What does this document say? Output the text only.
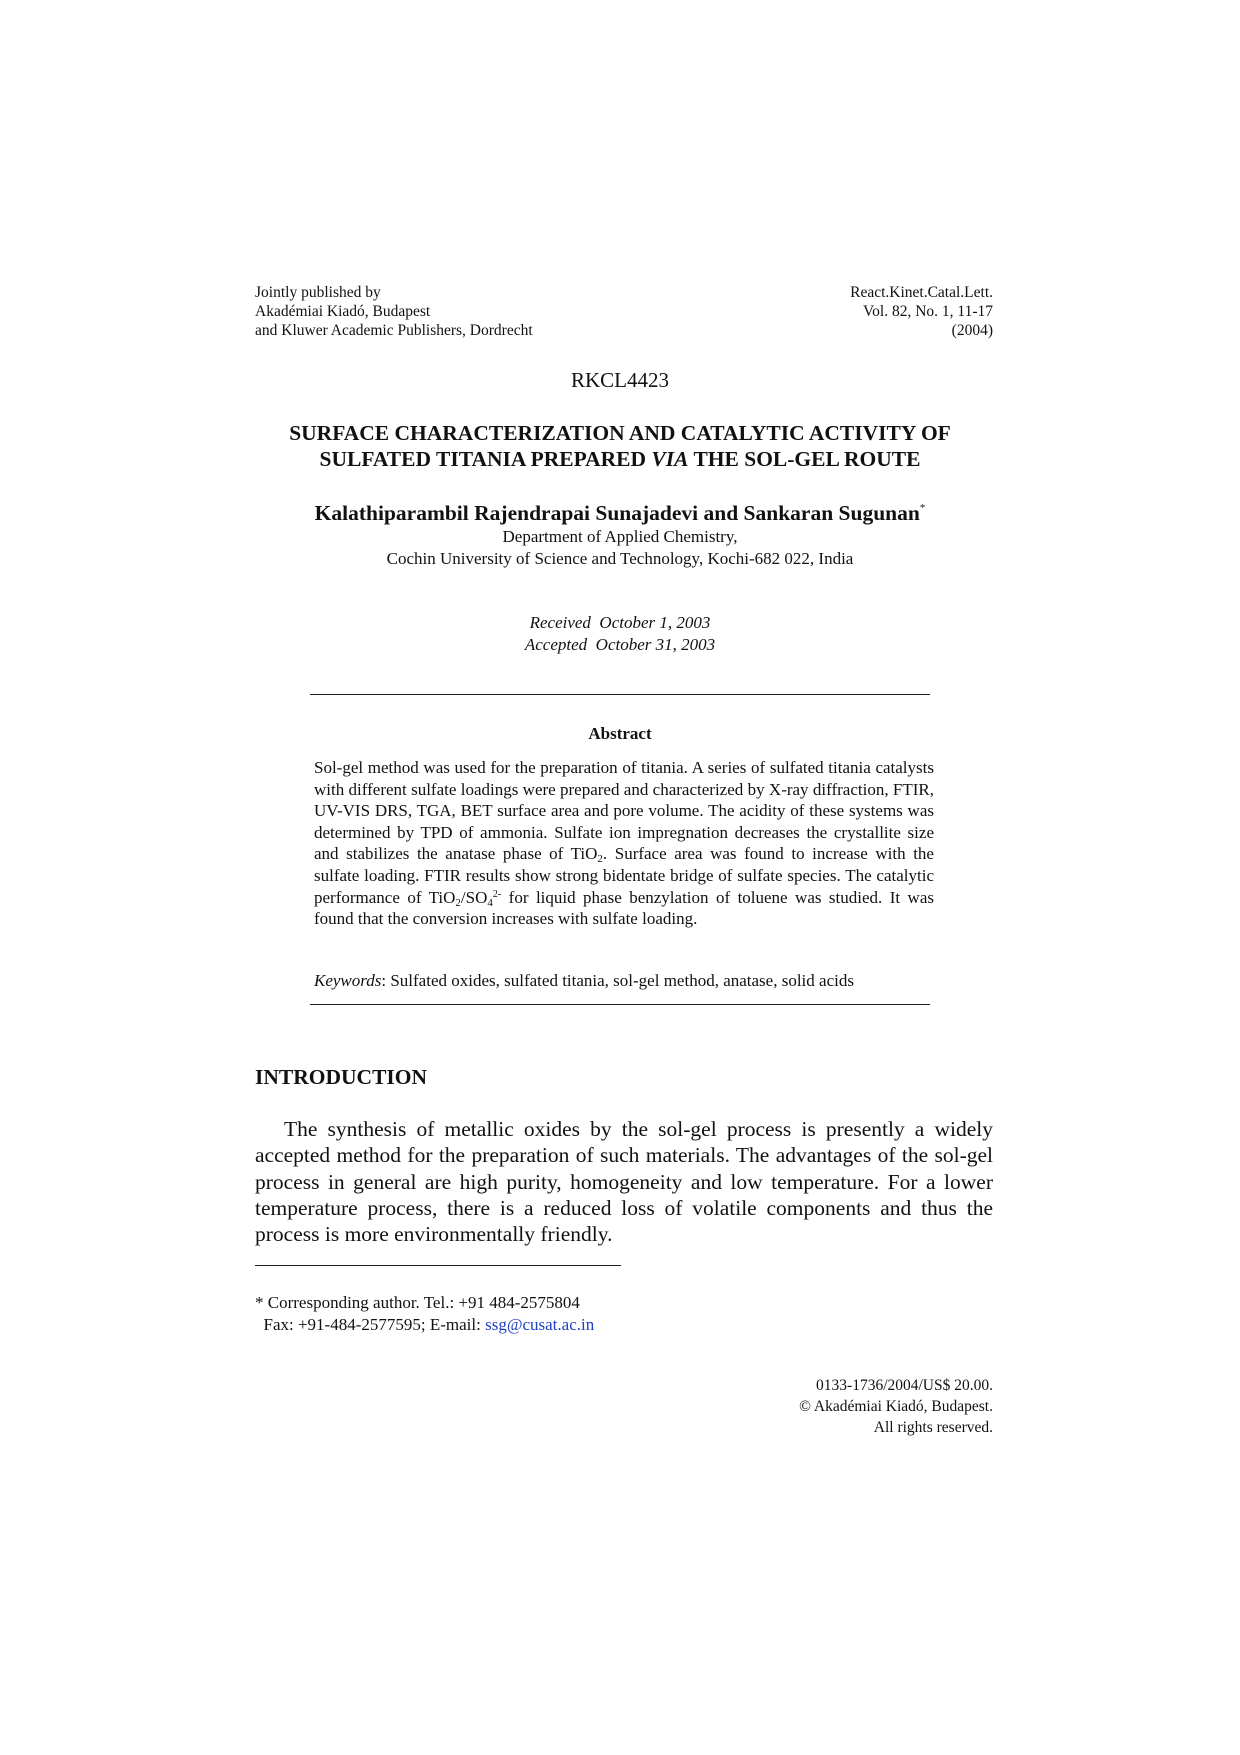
Jointly published by
Akadémiai Kiadó, Budapest
and Kluwer Academic Publishers, Dordrecht
React.Kinet.Catal.Lett.
Vol. 82, No. 1, 11-17
(2004)
RKCL4423
SURFACE CHARACTERIZATION AND CATALYTIC ACTIVITY OF
SULFATED TITANIA PREPARED VIA THE SOL-GEL ROUTE
Kalathiparambil Rajendrapai Sunajadevi and Sankaran Sugunan*
Department of Applied Chemistry,
Cochin University of Science and Technology, Kochi-682 022, India
Received  October 1, 2003
Accepted  October 31, 2003
Abstract
Sol-gel method was used for the preparation of titania. A series of sulfated titania catalysts with different sulfate loadings were prepared and characterized by X-ray diffraction, FTIR, UV-VIS DRS, TGA, BET surface area and pore volume. The acidity of these systems was determined by TPD of ammonia. Sulfate ion impregnation decreases the crystallite size and stabilizes the anatase phase of TiO$_2$. Surface area was found to increase with the sulfate loading. FTIR results show strong bidentate bridge of sulfate species. The catalytic performance of $TiO_2/SO_4^{2-}$ for liquid phase benzylation of toluene was studied. It was found that the conversion increases with sulfate loading.
Keywords: Sulfated oxides, sulfated titania, sol-gel method, anatase, solid acids
INTRODUCTION
The synthesis of metallic oxides by the sol-gel process is presently a widely accepted method for the preparation of such materials. The advantages of the sol-gel process in general are high purity, homogeneity and low temperature. For a lower temperature process, there is a reduced loss of volatile components and thus the process is more environmentally friendly.
* Corresponding author. Tel.: +91 484-2575804
Fax: +91-484-2577595; E-mail: ssg@cusat.ac.in
0133-1736/2004/US$ 20.00.
© Akadémiai Kiadó, Budapest.
All rights reserved.
